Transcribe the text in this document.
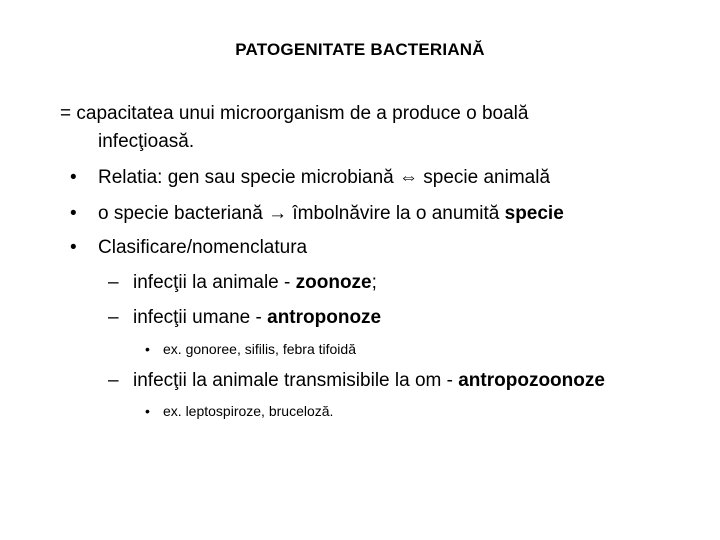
PATOGENITATE BACTERIANĂ
= capacitatea unui microorganism de a produce o boală
infecţioasă.
• Relatia: gen sau specie microbiană ⇔ specie animală
• o specie bacteriană → îmbolnăvire la o anumită specie
• Clasificare/nomenclatura
– infecţii la animale - zoonoze;
– infecţii umane - antroponoze
• ex. gonoree, sifilis, febra tifoidă
– infecţii la animale transmisibile la om - antropozoonoze
• ex. leptospiroze, bruceloză.
